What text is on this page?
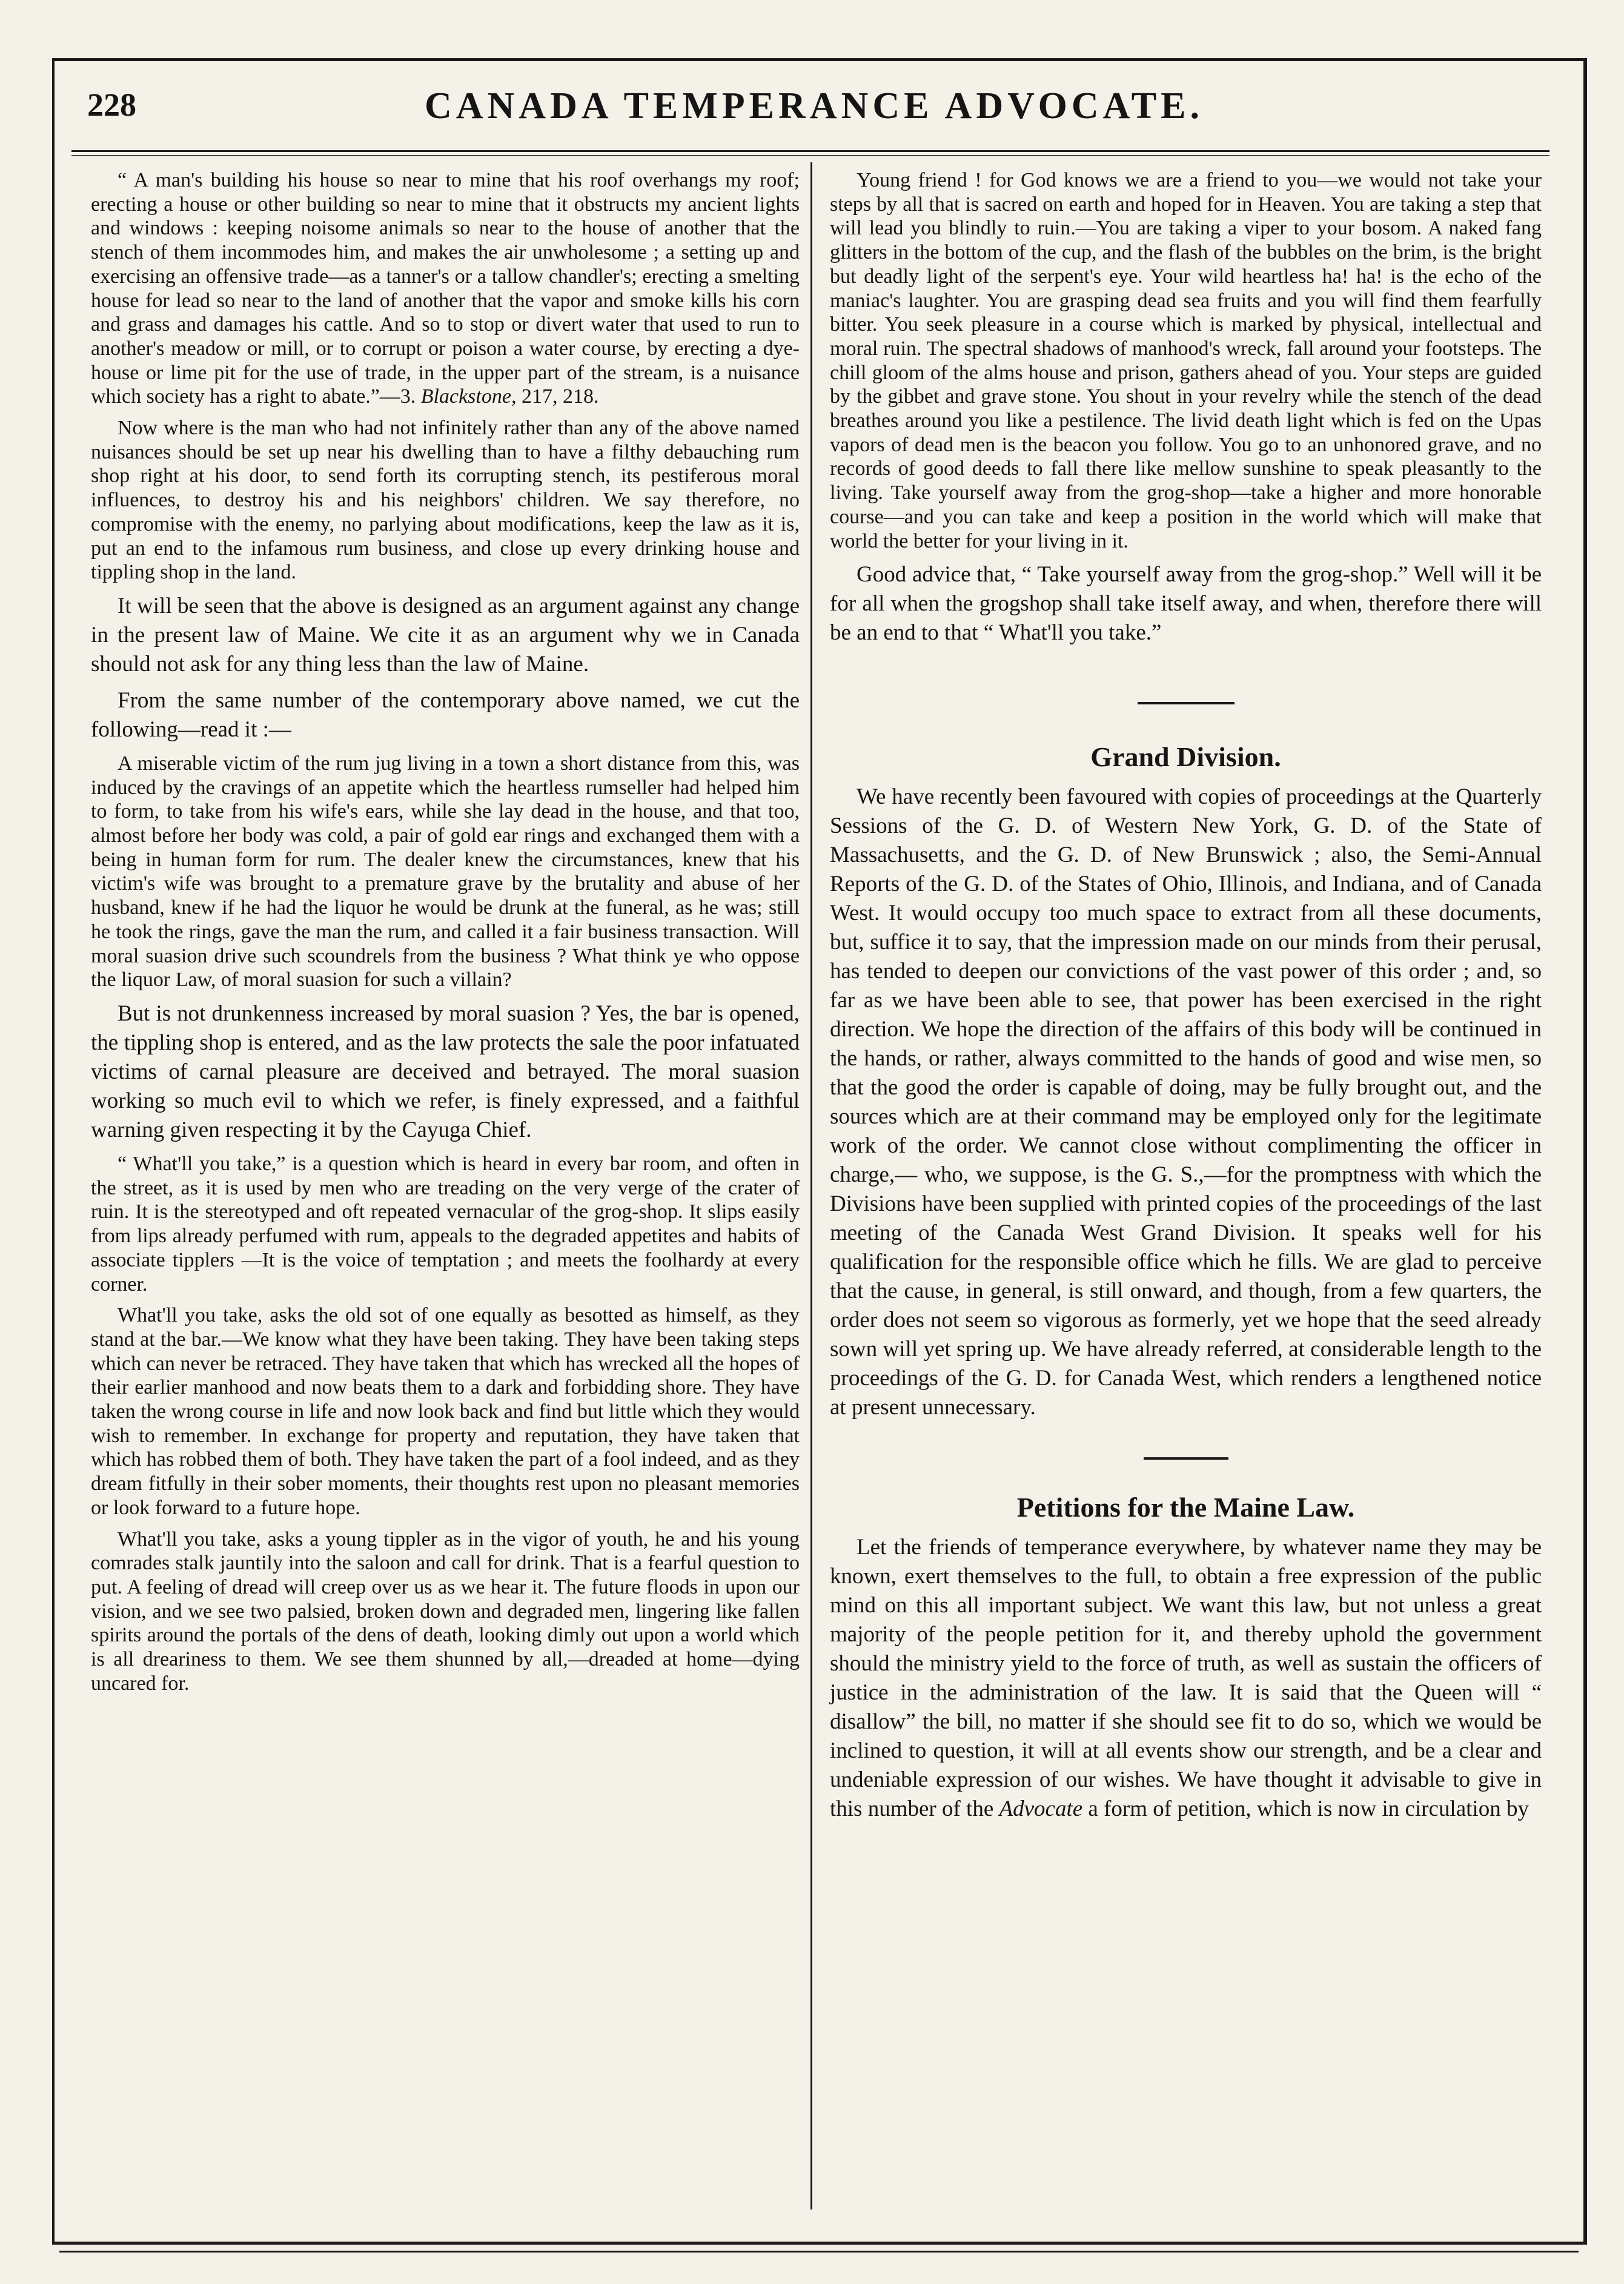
228	CANADA TEMPERANCE ADVOCATE.

“ A man's building his house so near to mine that his roof overhangs my roof; erecting a house or other building so near to mine that it obstructs my ancient lights and windows : keeping noisome animals so near to the house of another that the stench of them incommodes him, and makes the air unwholesome ; a setting up and exercising an offensive trade—as a tanner's or a tallow chandler's; erecting a smelting house for lead so near to the land of another that the vapor and smoke kills his corn and grass and damages his cattle. And so to stop or divert water that used to run to another's meadow or mill, or to corrupt or poison a water course, by erecting a dye-house or lime pit for the use of trade, in the upper part of the stream, is a nuisance which society has a right to abate.”—3. Blackstone, 217, 218.

Now where is the man who had not infinitely rather than any of the above named nuisances should be set up near his dwelling than to have a filthy debauching rum shop right at his door, to send forth its corrupting stench, its pestiferous moral influences, to destroy his and his neighbors' children. We say therefore, no compromise with the enemy, no parlying about modifications, keep the law as it is, put an end to the infamous rum business, and close up every drinking house and tippling shop in the land.

It will be seen that the above is designed as an argument against any change in the present law of Maine. We cite it as an argument why we in Canada should not ask for any thing less than the law of Maine.

From the same number of the contemporary above named, we cut the following—read it :—

A miserable victim of the rum jug living in a town a short distance from this, was induced by the cravings of an appetite which the heartless rumseller had helped him to form, to take from his wife's ears, while she lay dead in the house, and that too, almost before her body was cold, a pair of gold ear rings and exchanged them with a being in human form for rum. The dealer knew the circumstances, knew that his victim's wife was brought to a premature grave by the brutality and abuse of her husband, knew if he had the liquor he would be drunk at the funeral, as he was; still he took the rings, gave the man the rum, and called it a fair business transaction. Will moral suasion drive such scoundrels from the business ? What think ye who oppose the liquor Law, of moral suasion for such a villain?

But is not drunkenness increased by moral suasion ? Yes, the bar is opened, the tippling shop is entered, and as the law protects the sale the poor infatuated victims of carnal pleasure are deceived and betrayed. The moral suasion working so much evil to which we refer, is finely expressed, and a faithful warning given respecting it by the Cayuga Chief.

“ What'll you take,” is a question which is heard in every bar room, and often in the street, as it is used by men who are treading on the very verge of the crater of ruin. It is the stereotyped and oft repeated vernacular of the grog-shop. It slips easily from lips already perfumed with rum, appeals to the degraded appetites and habits of associate tipplers —It is the voice of temptation ; and meets the foolhardy at every corner.

What'll you take, asks the old sot of one equally as besotted as himself, as they stand at the bar.—We know what they have been taking. They have been taking steps which can never be retraced. They have taken that which has wrecked all the hopes of their earlier manhood and now beats them to a dark and forbidding shore. They have taken the wrong course in life and now look back and find but little which they would wish to remember. In exchange for property and reputation, they have taken that which has robbed them of both. They have taken the part of a fool indeed, and as they dream fitfully in their sober moments, their thoughts rest upon no pleasant memories or look forward to a future hope.

What'll you take, asks a young tippler as in the vigor of youth, he and his young comrades stalk jauntily into the saloon and call for drink. That is a fearful question to put. A feeling of dread will creep over us as we hear it. The future floods in upon our vision, and we see two palsied, broken down and degraded men, lingering like fallen spirits around the portals of the dens of death, looking dimly out upon a world which is all dreariness to them. We see them shunned by all,—dreaded at home—dying uncared for.

Young friend ! for God knows we are a friend to you—we would not take your steps by all that is sacred on earth and hoped for in Heaven. You are taking a step that will lead you blindly to ruin.—You are taking a viper to your bosom. A naked fang glitters in the bottom of the cup, and the flash of the bubbles on the brim, is the bright but deadly light of the serpent's eye. Your wild heartless ha! ha! is the echo of the maniac's laughter. You are grasping dead sea fruits and you will find them fearfully bitter. You seek pleasure in a course which is marked by physical, intellectual and moral ruin. The spectral shadows of manhood's wreck, fall around your footsteps. The chill gloom of the alms house and prison, gathers ahead of you. Your steps are guided by the gibbet and grave stone. You shout in your revelry while the stench of the dead breathes around you like a pestilence. The livid death light which is fed on the Upas vapors of dead men is the beacon you follow. You go to an unhonored grave, and no records of good deeds to fall there like mellow sunshine to speak pleasantly to the living. Take yourself away from the grog-shop—take a higher and more honorable course—and you can take and keep a position in the world which will make that world the better for your living in it.

Good advice that, “ Take yourself away from the grog-shop.” Well will it be for all when the grogshop shall take itself away, and when, therefore there will be an end to that “ What'll you take.”

Grand Division.

We have recently been favoured with copies of proceedings at the Quarterly Sessions of the G. D. of Western New York, G. D. of the State of Massachusetts, and the G. D. of New Brunswick ; also, the Semi-Annual Reports of the G. D. of the States of Ohio, Illinois, and Indiana, and of Canada West. It would occupy too much space to extract from all these documents, but, suffice it to say, that the impression made on our minds from their perusal, has tended to deepen our convictions of the vast power of this order ; and, so far as we have been able to see, that power has been exercised in the right direction. We hope the direction of the affairs of this body will be continued in the hands, or rather, always committed to the hands of good and wise men, so that the good the order is capable of doing, may be fully brought out, and the sources which are at their command may be employed only for the legitimate work of the order. We cannot close without complimenting the officer in charge,— who, we suppose, is the G. S.,—for the promptness with which the Divisions have been supplied with printed copies of the proceedings of the last meeting of the Canada West Grand Division. It speaks well for his qualification for the responsible office which he fills. We are glad to perceive that the cause, in general, is still onward, and though, from a few quarters, the order does not seem so vigorous as formerly, yet we hope that the seed already sown will yet spring up. We have already referred, at considerable length to the proceedings of the G. D. for Canada West, which renders a lengthened notice at present unnecessary.

Petitions for the Maine Law.

Let the friends of temperance everywhere, by whatever name they may be known, exert themselves to the full, to obtain a free expression of the public mind on this all important subject. We want this law, but not unless a great majority of the people petition for it, and thereby uphold the government should the ministry yield to the force of truth, as well as sustain the officers of justice in the administration of the law. It is said that the Queen will “ disallow” the bill, no matter if she should see fit to do so, which we would be inclined to question, it will at all events show our strength, and be a clear and undeniable expression of our wishes. We have thought it advisable to give in this number of the Advocate a form of petition, which is now in circulation by
